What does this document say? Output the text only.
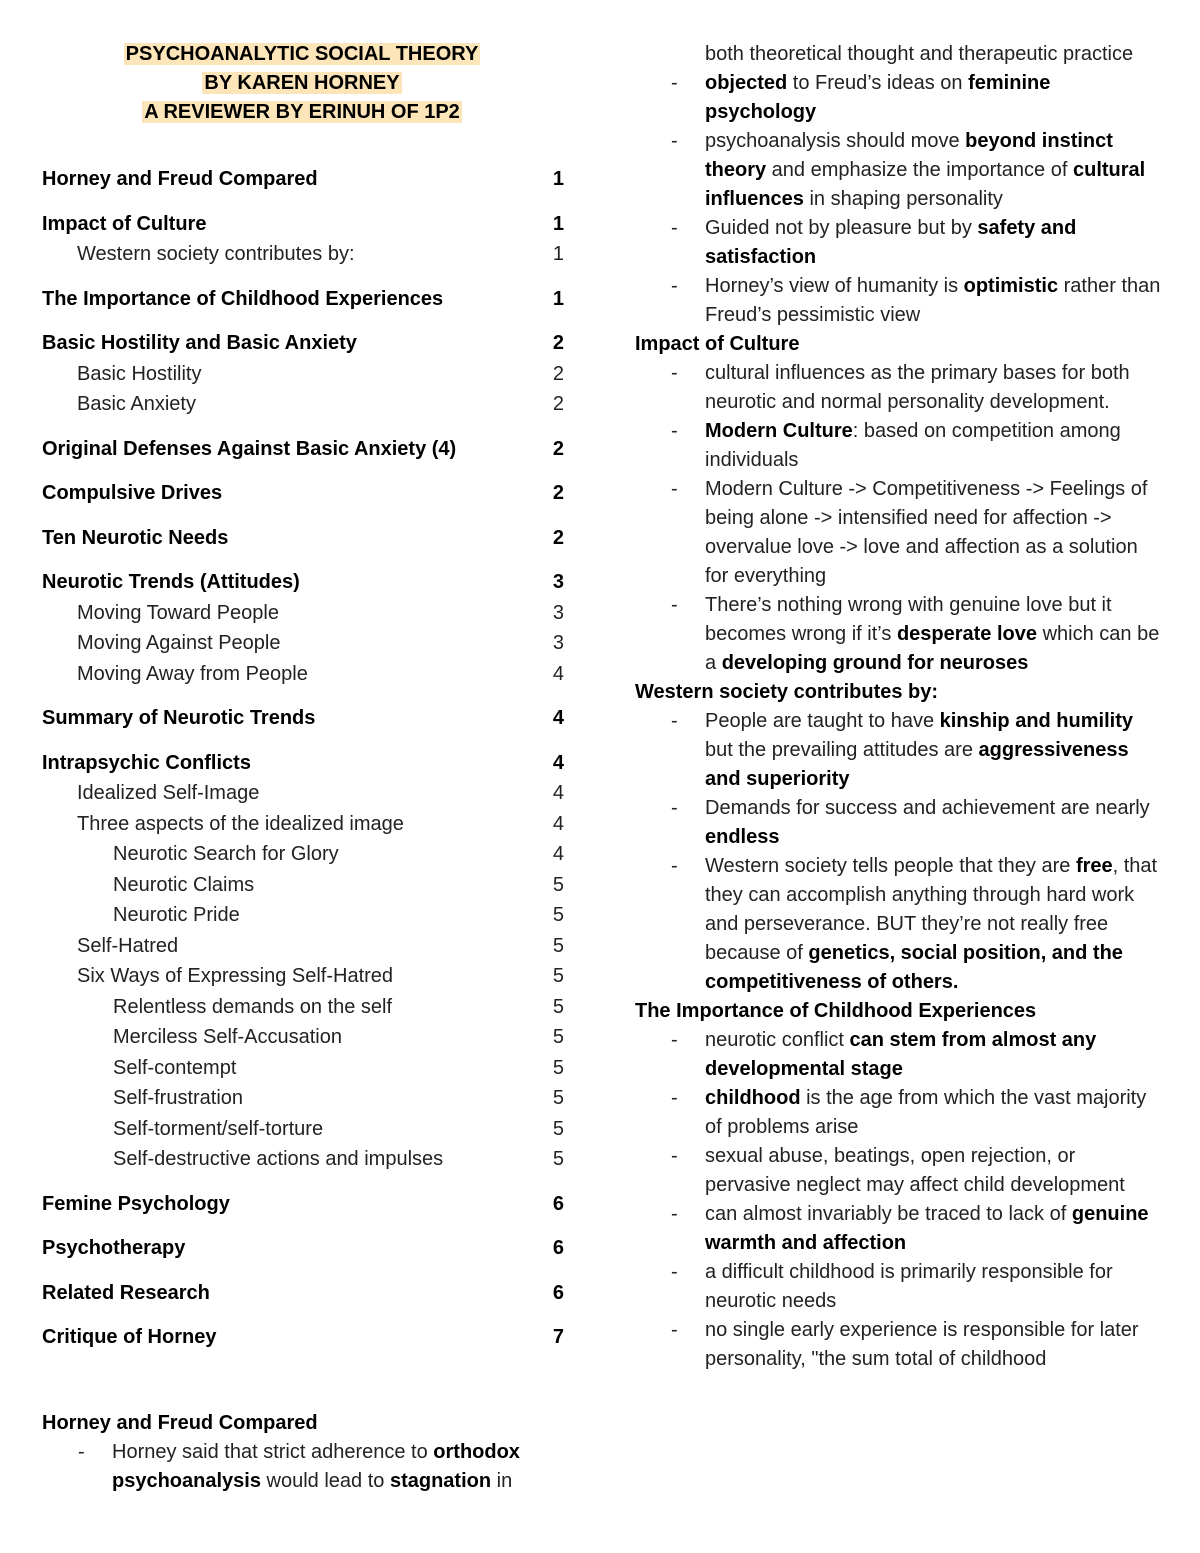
PSYCHOANALYTIC SOCIAL THEORY
BY KAREN HORNEY
A REVIEWER BY ERINUH OF 1P2
Horney and Freud Compared	1
Impact of Culture	1
Western society contributes by:	1
The Importance of Childhood Experiences	1
Basic Hostility and Basic Anxiety	2
Basic Hostility	2
Basic Anxiety	2
Original Defenses Against Basic Anxiety (4)	2
Compulsive Drives	2
Ten Neurotic Needs	2
Neurotic Trends (Attitudes)	3
Moving Toward People	3
Moving Against People	3
Moving Away from People	4
Summary of Neurotic Trends	4
Intrapsychic Conflicts	4
Idealized Self-Image	4
Three aspects of the idealized image	4
Neurotic Search for Glory	4
Neurotic Claims	5
Neurotic Pride	5
Self-Hatred	5
Six Ways of Expressing Self-Hatred	5
Relentless demands on the self	5
Merciless Self-Accusation	5
Self-contempt	5
Self-frustration	5
Self-torment/self-torture	5
Self-destructive actions and impulses	5
Femine Psychology	6
Psychotherapy	6
Related Research	6
Critique of Horney	7
Horney and Freud Compared
- Horney said that strict adherence to orthodox psychoanalysis would lead to stagnation in
both theoretical thought and therapeutic practice
- objected to Freud’s ideas on feminine psychology
- psychoanalysis should move beyond instinct theory and emphasize the importance of cultural influences in shaping personality
- Guided not by pleasure but by safety and satisfaction
- Horney’s view of humanity is optimistic rather than Freud’s pessimistic view
Impact of Culture
- cultural influences as the primary bases for both neurotic and normal personality development.
- Modern Culture: based on competition among individuals
- Modern Culture -> Competitiveness -> Feelings of being alone -> intensified need for affection -> overvalue love -> love and affection as a solution for everything
- There’s nothing wrong with genuine love but it becomes wrong if it’s desperate love which can be a developing ground for neuroses
Western society contributes by:
- People are taught to have kinship and humility but the prevailing attitudes are aggressiveness and superiority
- Demands for success and achievement are nearly endless
- Western society tells people that they are free, that they can accomplish anything through hard work and perseverance. BUT they’re not really free because of genetics, social position, and the competitiveness of others.
The Importance of Childhood Experiences
- neurotic conflict can stem from almost any developmental stage
- childhood is the age from which the vast majority of problems arise
- sexual abuse, beatings, open rejection, or pervasive neglect may affect child development
- can almost invariably be traced to lack of genuine warmth and affection
- a difficult childhood is primarily responsible for neurotic needs
- no single early experience is responsible for later personality, "the sum total of childhood
